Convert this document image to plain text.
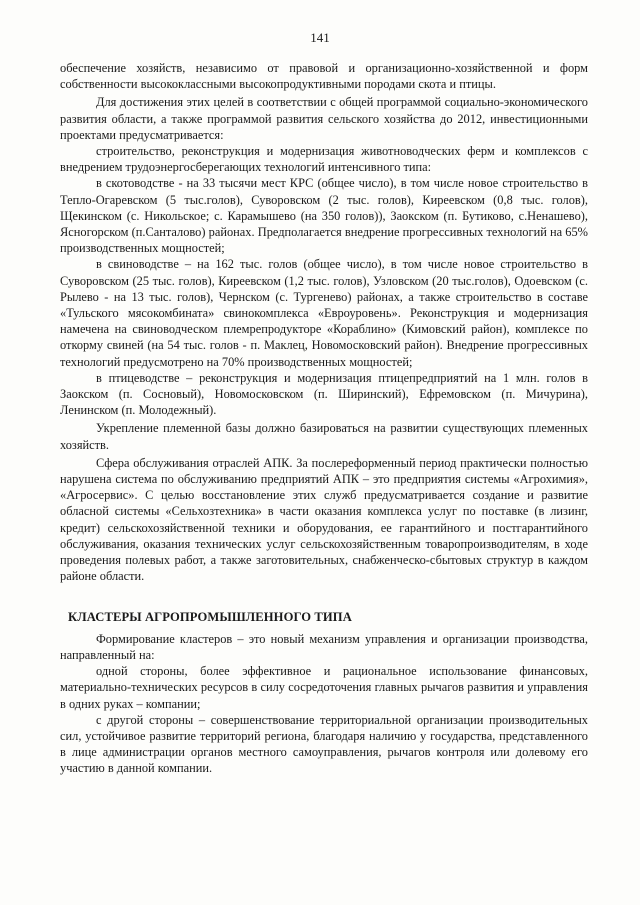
141

обеспечение хозяйств, независимо от правовой и организационно-хозяйственной и форм собственности высококлассными высокопродуктивными породами скота и птицы.

Для достижения этих целей в соответствии с общей программой социально-экономического развития области, а также программой развития сельского хозяйства до 2012, инвестиционными проектами предусматривается:

строительство, реконструкция и модернизация животноводческих ферм и комплексов с внедрением трудоэнергосберегающих технологий интенсивного типа:

в скотоводстве - на 33 тысячи мест КРС (общее число), в том числе новое строительство в Тепло-Огаревском (5 тыс.голов), Суворовском (2 тыс. голов), Киреевском (0,8 тыс. голов), Щекинском (с. Никольское; с. Карамышево (на 350 голов)), Заокском (п. Бутиково, с.Ненашево), Ясногорском (п.Санталово) районах. Предполагается внедрение прогрессивных технологий на 65% производственных мощностей;

в свиноводстве – на 162 тыс. голов (общее число), в том числе новое строительство в Суворовском (25 тыс. голов), Киреевском (1,2 тыс. голов), Узловском (20 тыс.голов), Одоевском (с. Рылево - на 13 тыс. голов), Чернском (с. Тургенево) районах, а также строительство в составе «Тульского мясокомбината» свинокомплекса «Евроуровень». Реконструкция и модернизация намечена на свиноводческом племрепродукторе «Кораблино» (Кимовский район), комплексе по откорму свиней (на 54 тыс. голов - п. Маклец, Новомосковский район). Внедрение прогрессивных технологий предусмотрено на 70% производственных мощностей;

в птицеводстве – реконструкция и модернизация птицепредприятий на 1 млн. голов в Заокском (п. Сосновый), Новомосковском (п. Ширинский), Ефремовском (п. Мичурина), Ленинском (п. Молодежный).

Укрепление племенной базы должно базироваться на развитии существующих племенных хозяйств.

Сфера обслуживания отраслей АПК. За послереформенный период практически полностью нарушена система по обслуживанию предприятий АПК – это предприятия системы «Агрохимия», «Агросервис». С целью восстановление этих служб предусматривается создание и развитие обласной системы «Сельхозтехника» в части оказания комплекса услуг по поставке (в лизинг, кредит) сельскохозяйственной техники и оборудования, ее гарантийного и постгарантийного обслуживания, оказания технических услуг сельскохозяйственным товаропроизводителям, в ходе проведения полевых работ, а также заготовительных, снабженческо-сбытовых структур в каждом районе области.

КЛАСТЕРЫ АГРОПРОМЫШЛЕННОГО ТИПА

Формирование кластеров – это новый механизм управления и организации производства, направленный на:

одной стороны, более эффективное и рациональное использование финансовых, материально-технических ресурсов в силу сосредоточения главных рычагов развития и управления в одних руках – компании;

с другой стороны – совершенствование территориальной организации производительных сил, устойчивое развитие территорий региона, благодаря наличию у государства, представленного в лице администрации органов местного самоуправления, рычагов контроля или долевому его участию в данной компании.
